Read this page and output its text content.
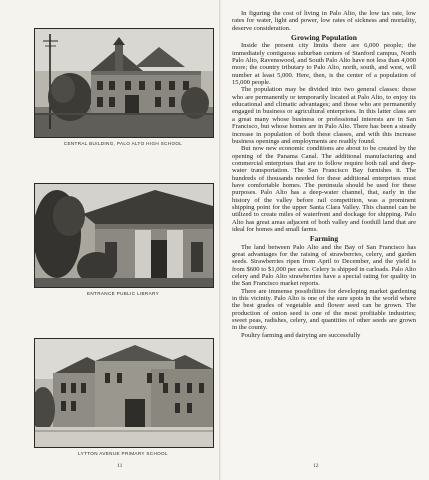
CENTRAL BUILDING, PALO ALTO HIGH SCHOOL
ENTRANCE PUBLIC LIBRARY
LYTTON AVENUE PRIMARY SCHOOL
11

In figuring the cost of living in Palo Alto, the low tax rate, low rates for water, light and power, low rates of sickness and mortality, deserve consideration.

Growing Population

Inside the present city limits there are 6,000 people; the immediately contiguous suburban centers of Stanford campus, North Palo Alto, Ravenswood, and South Palo Alto have not less than 4,000 more; the country tributary to Palo Alto, north, south, and west, will number at least 5,000. Here, then, is the center of a population of 15,000 people.

The population may be divided into two general classes: those who are permanently or temporarily located at Palo Alto, to enjoy its educational and climatic advantages; and those who are permanently engaged in business or agricultural enterprises. In this latter class are a great many whose business or professional interests are in San Francisco, but whose homes are in Palo Alto. There has been a steady increase in population of both these classes, and with this increase business openings and employments are readily found.

But now new economic conditions are about to be created by the opening of the Panama Canal. The additional manufacturing and commercial enterprises that are to follow require both rail and deep-water transportation. The San Francisco Bay furnishes it. The hundreds of thousands needed for these additional enterprises must have comfortable homes. The peninsula should be used for these purposes. Palo Alto has a deep-water channel, that, early in the history of the valley before rail competition, was a prominent shipping point for the upper Santa Clara Valley. This channel can be utilized to create miles of waterfront and dockage for shipping. Palo Alto has great areas adjacent of both valley and foothill land that are ideal for homes and small farms.

Farming

The land between Palo Alto and the Bay of San Francisco has great advantages for the raising of strawberries, celery, and garden seeds. Strawberries ripen from April to December, and the yield is from $600 to $1,000 per acre. Celery is shipped in carloads. Palo Alto celery and Palo Alto strawberries have a special rating for quality in the San Francisco market reports.

There are immense possibilities for developing market gardening in this vicinity. Palo Alto is one of the sure spots in the world where the best grades of vegetable and flower seed can be grown. The production of onion seed is one of the most profitable industries; sweet peas, radishes, celery, and quantities of other seeds are grown in the county.

Poultry farming and dairying are successfully

12
